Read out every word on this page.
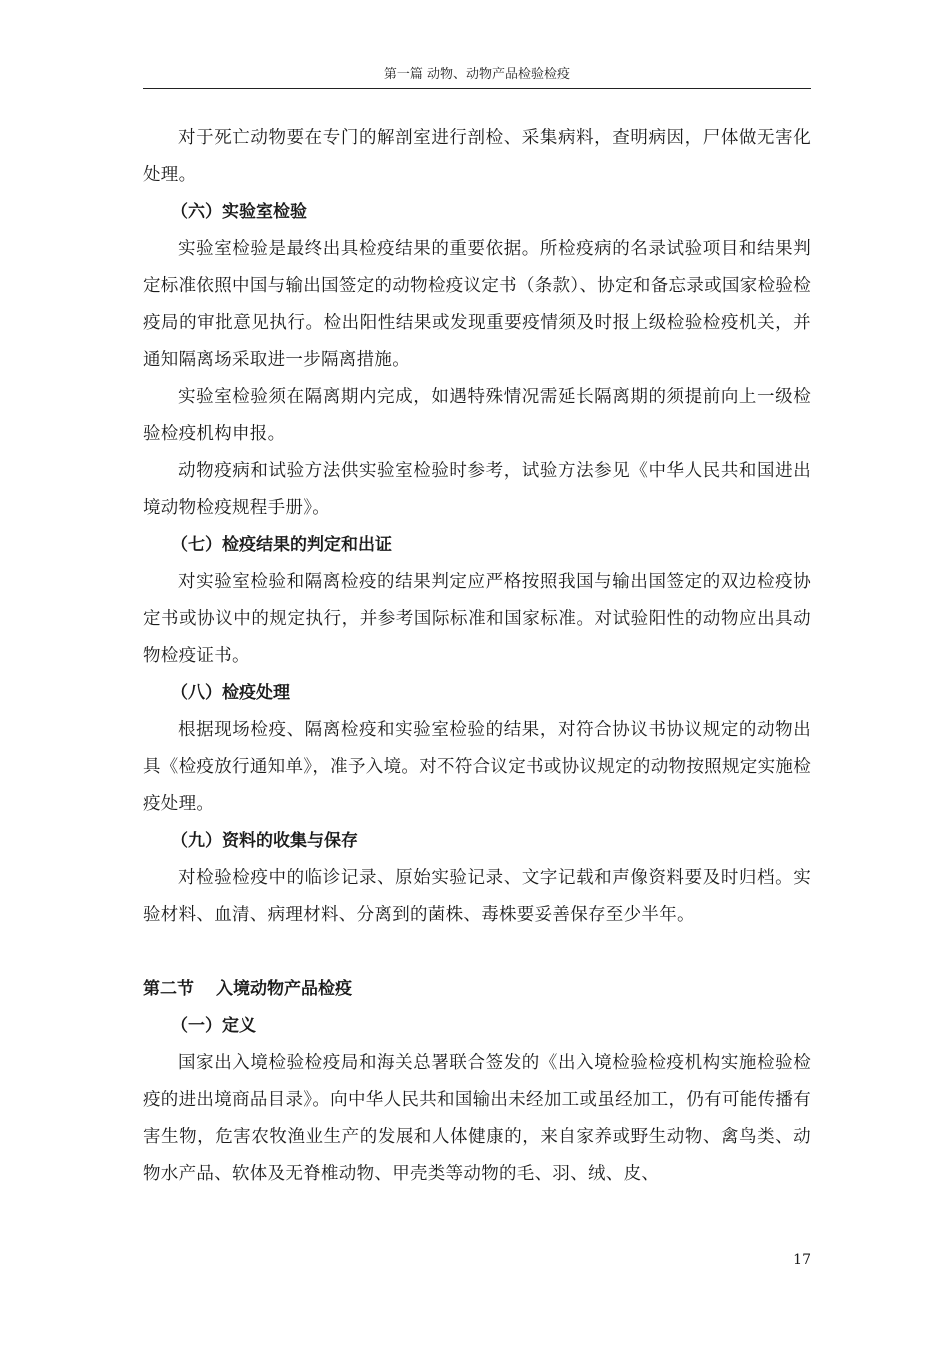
第一篇 动物、动物产品检验检疫

对于死亡动物要在专门的解剖室进行剖检、采集病料，查明病因，尸体做无害化处理。

（六）实验室检验

实验室检验是最终出具检疫结果的重要依据。所检疫病的名录试验项目和结果判定标准依照中国与输出国签定的动物检疫议定书（条款）、协定和备忘录或国家检验检疫局的审批意见执行。检出阳性结果或发现重要疫情须及时报上级检验检疫机关，并通知隔离场采取进一步隔离措施。

实验室检验须在隔离期内完成，如遇特殊情况需延长隔离期的须提前向上一级检验检疫机构申报。

动物疫病和试验方法供实验室检验时参考，试验方法参见《中华人民共和国进出境动物检疫规程手册》。

（七）检疫结果的判定和出证

对实验室检验和隔离检疫的结果判定应严格按照我国与输出国签定的双边检疫协定书或协议中的规定执行，并参考国际标准和国家标准。对试验阳性的动物应出具动物检疫证书。

（八）检疫处理

根据现场检疫、隔离检疫和实验室检验的结果，对符合协议书协议规定的动物出具《检疫放行通知单》，准予入境。对不符合议定书或协议规定的动物按照规定实施检疫处理。

（九）资料的收集与保存

对检验检疫中的临诊记录、原始实验记录、文字记载和声像资料要及时归档。实验材料、血清、病理材料、分离到的菌株、毒株要妥善保存至少半年。

第二节 入境动物产品检疫

（一）定义

国家出入境检验检疫局和海关总署联合签发的《出入境检验检疫机构实施检验检疫的进出境商品目录》。向中华人民共和国输出未经加工或虽经加工，仍有可能传播有害生物，危害农牧渔业生产的发展和人体健康的，来自家养或野生动物、禽鸟类、动物水产品、软体及无脊椎动物、甲壳类等动物的毛、羽、绒、皮、

17
